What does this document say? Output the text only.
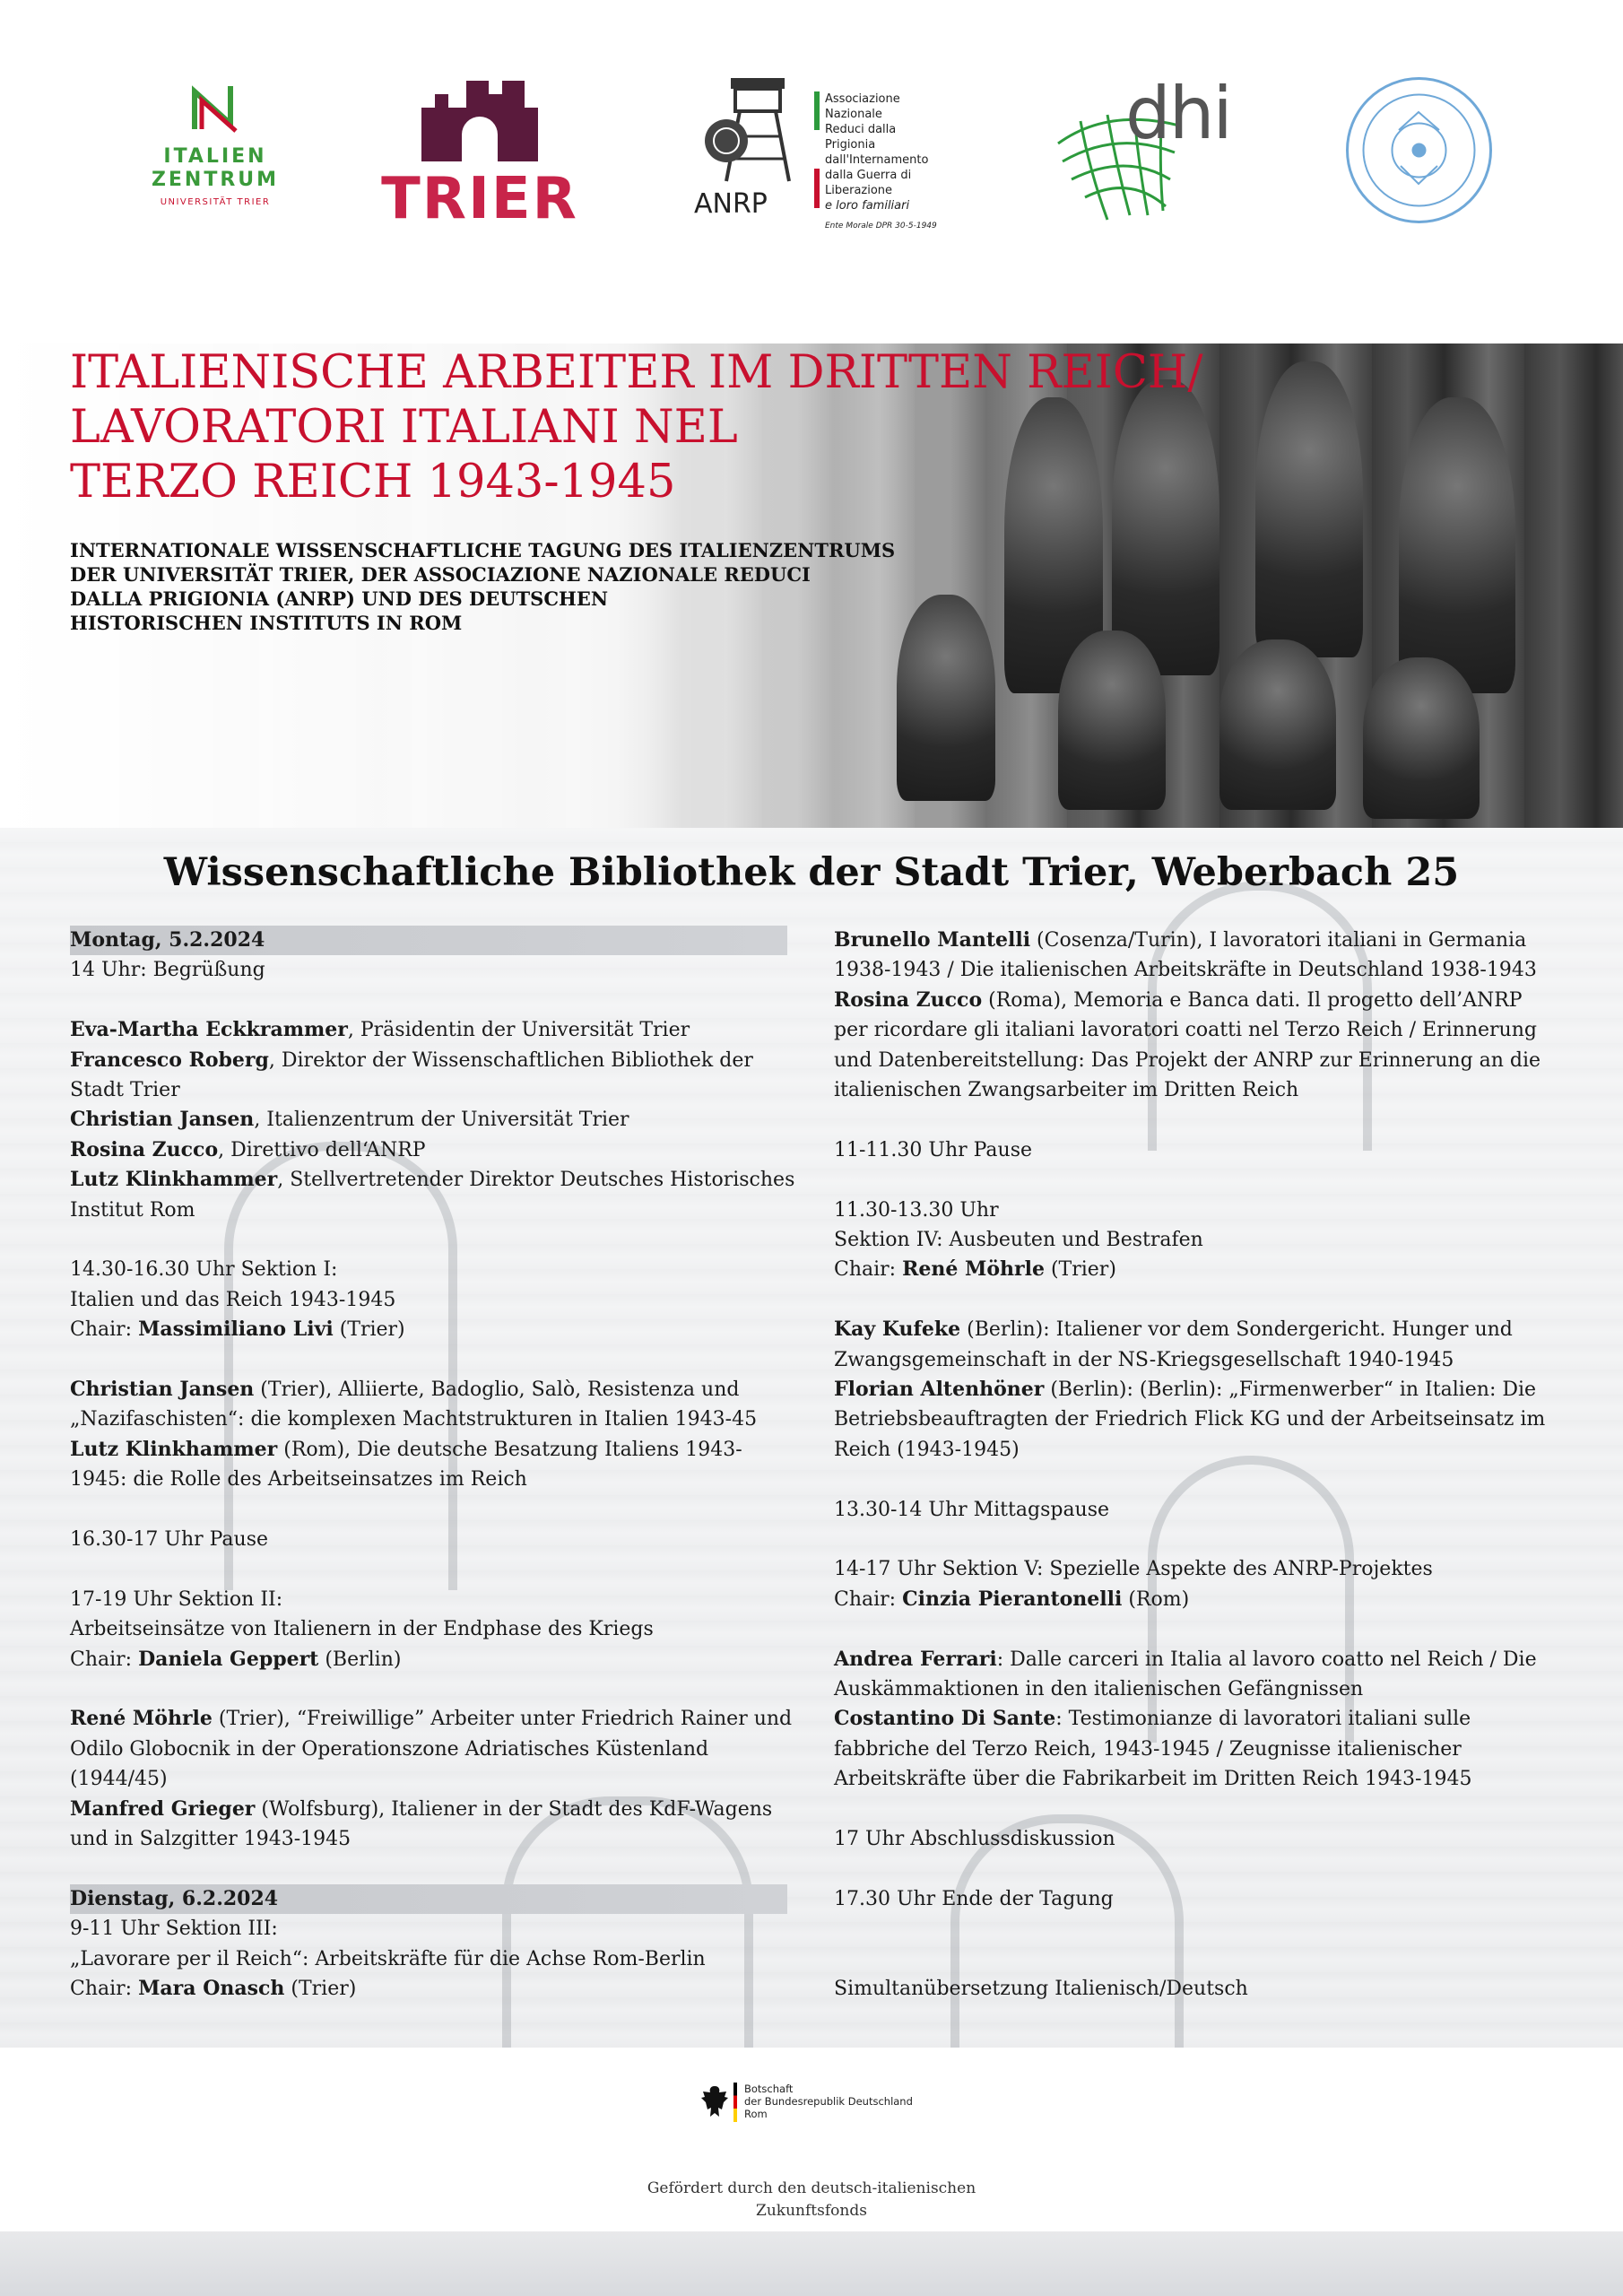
ITALIEN
ZENTRUM
UNIVERSITÄT TRIER TRIER	ANRP
Associazione
Nazionale
Reduci dalla
Prigionia
dall'Internamento
dalla Guerra di Liberazione
e loro familiari
Ente Morale DPR 30-5-1949
dhi
ITALIENISCHE ARBEITER IM DRITTEN REICH/
LAVORATORI ITALIANI NEL
TERZO REICH 1943-1945
INTERNATIONALE WISSENSCHAFTLICHE TAGUNG DES ITALIENZENTRUMS
DER UNIVERSITÄT TRIER, DER ASSOCIAZIONE NAZIONALE REDUCI
DALLA PRIGIONIA (ANRP) UND DES DEUTSCHEN
HISTORISCHEN INSTITUTS IN ROM
Wissenschaftliche Bibliothek der Stadt Trier, Weberbach 25
Montag, 5.2.2024
14 Uhr: Begrüßung
Eva-Martha Eckkrammer, Präsidentin der Universität Trier
Francesco Roberg, Direktor der Wissenschaftlichen Bibliothek der Stadt Trier
Christian Jansen, Italienzentrum der Universität Trier
Rosina Zucco, Direttivo dell‘ANRP
Lutz Klinkhammer, Stellvertretender Direktor Deutsches Historisches Institut Rom
14.30-16.30 Uhr Sektion I:
Italien und das Reich 1943-1945
Chair: Massimiliano Livi (Trier)
Christian Jansen (Trier), Alliierte, Badoglio, Salò, Resistenza und „Nazifaschisten“: die komplexen Machtstrukturen in Italien 1943-45
Lutz Klinkhammer (Rom), Die deutsche Besatzung Italiens 1943-1945: die Rolle des Arbeitseinsatzes im Reich
16.30-17 Uhr Pause
17-19 Uhr Sektion II:
Arbeitseinsätze von Italienern in der Endphase des Kriegs
Chair: Daniela Geppert (Berlin)
René Möhrle (Trier), “Freiwillige” Arbeiter unter Friedrich Rainer und Odilo Globocnik in der Operationszone Adriatisches Küstenland (1944/45)
Manfred Grieger (Wolfsburg), Italiener in der Stadt des KdF-Wagens und in Salzgitter 1943-1945
Dienstag, 6.2.2024
9-11 Uhr Sektion III:
„Lavorare per il Reich“: Arbeitskräfte für die Achse Rom-Berlin
Chair: Mara Onasch (Trier)
Brunello Mantelli (Cosenza/Turin), I lavoratori italiani in Germania 1938-1943 / Die italienischen Arbeitskräfte in Deutschland 1938-1943
Rosina Zucco (Roma), Memoria e Banca dati. Il progetto dell’ANRP per ricordare gli italiani lavoratori coatti nel Terzo Reich / Erinnerung und Datenbereitstellung: Das Projekt der ANRP zur Erinnerung an die italienischen Zwangsarbeiter im Dritten Reich
11-11.30 Uhr Pause
11.30-13.30 Uhr
Sektion IV: Ausbeuten und Bestrafen
Chair: René Möhrle (Trier)
Kay Kufeke (Berlin): Italiener vor dem Sondergericht. Hunger und Zwangsgemeinschaft in der NS-Kriegsgesellschaft 1940-1945
Florian Altenhöner (Berlin): (Berlin): „Firmenwerber“ in Italien: Die Betriebsbeauftragten der Friedrich Flick KG und der Arbeitseinsatz im Reich (1943-1945)
13.30-14 Uhr Mittagspause
14-17 Uhr Sektion V: Spezielle Aspekte des ANRP-Projektes
Chair: Cinzia Pierantonelli (Rom)
Andrea Ferrari: Dalle carceri in Italia al lavoro coatto nel Reich / Die Auskämmaktionen in den italienischen Gefängnissen
Costantino Di Sante: Testimonianze di lavoratori italiani sulle fabbriche del Terzo Reich, 1943-1945 / Zeugnisse italienischer Arbeitskräfte über die Fabrikarbeit im Dritten Reich 1943-1945
17 Uhr Abschlussdiskussion
17.30 Uhr Ende der Tagung
Simultanübersetzung Italienisch/Deutsch
Botschaft
der Bundesrepublik Deutschland
Rom
Gefördert durch den deutsch-italienischen
Zukunftsfonds
